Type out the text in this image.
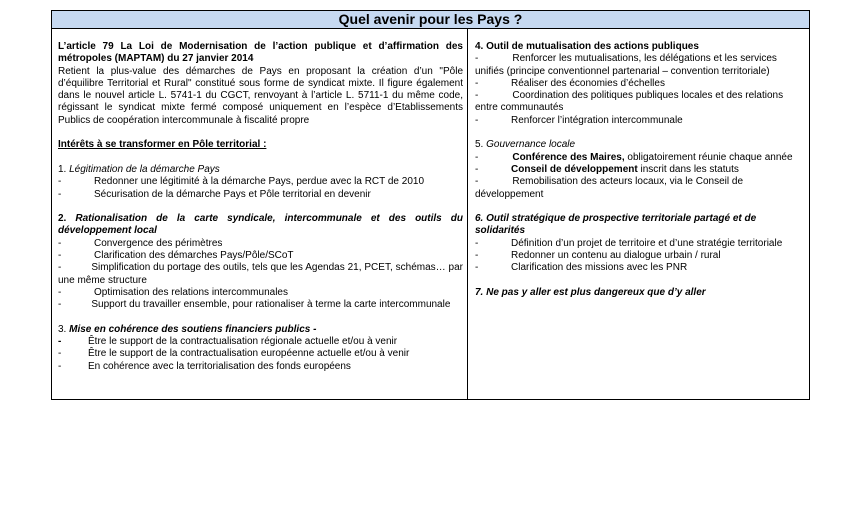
Quel avenir pour les Pays ?

L’article 79 La Loi de Modernisation de l’action publique et d’affirmation des métropoles (MAPTAM) du 27 janvier 2014

Retient la plus-value des démarches de Pays en proposant la création d’un "Pôle d’équilibre Territorial et Rural" constitué sous forme de syndicat mixte. Il figure également dans le nouvel article L. 5741-1 du CGCT, renvoyant à l’article L. 5711-1 du même code, régissant le syndicat mixte fermé composé uniquement en l’espèce d’Etablissements Publics de coopération intercommunale à fiscalité propre

Intérêts à se transformer en Pôle territorial :

1. Légitimation de la démarche Pays

-	Redonner une légitimité à la démarche Pays, perdue avec la RCT de 2010

-	Sécurisation de la démarche Pays et Pôle territorial en devenir

2. Rationalisation de la carte syndicale, intercommunale et des outils du développement local

-	Convergence des périmètres

-	Clarification des démarches Pays/Pôle/SCoT

-	Simplification du portage des outils, tels que les Agendas 21, PCET, schémas… par une même structure

-	Optimisation des relations intercommunales

-	Support du travailler ensemble, pour rationaliser à terme la carte intercommunale

3. Mise en cohérence des soutiens financiers publics -

-	Être le support de la contractualisation régionale actuelle et/ou à venir

-	Être le support de la contractualisation européenne actuelle et/ou à venir

-	En cohérence avec la territorialisation des fonds européens

4. Outil de mutualisation des actions publiques

-	Renforcer les mutualisations, les délégations et les services unifiés (principe conventionnel partenarial – convention territoriale)

-	Réaliser des économies d’échelles

-	Coordination des politiques publiques locales et des relations entre communautés

-	Renforcer l’intégration intercommunale

5. Gouvernance locale

-	Conférence des Maires, obligatoirement réunie chaque année

-	Conseil de développement inscrit dans les statuts

-	Remobilisation des acteurs locaux, via le Conseil de développement

6. Outil stratégique de prospective territoriale partagé et de solidarités

-	Définition d’un projet de territoire et d’une stratégie territoriale

-	Redonner un contenu au dialogue urbain / rural

-	Clarification des missions avec les PNR

7. Ne pas y aller est plus dangereux que d’y aller
